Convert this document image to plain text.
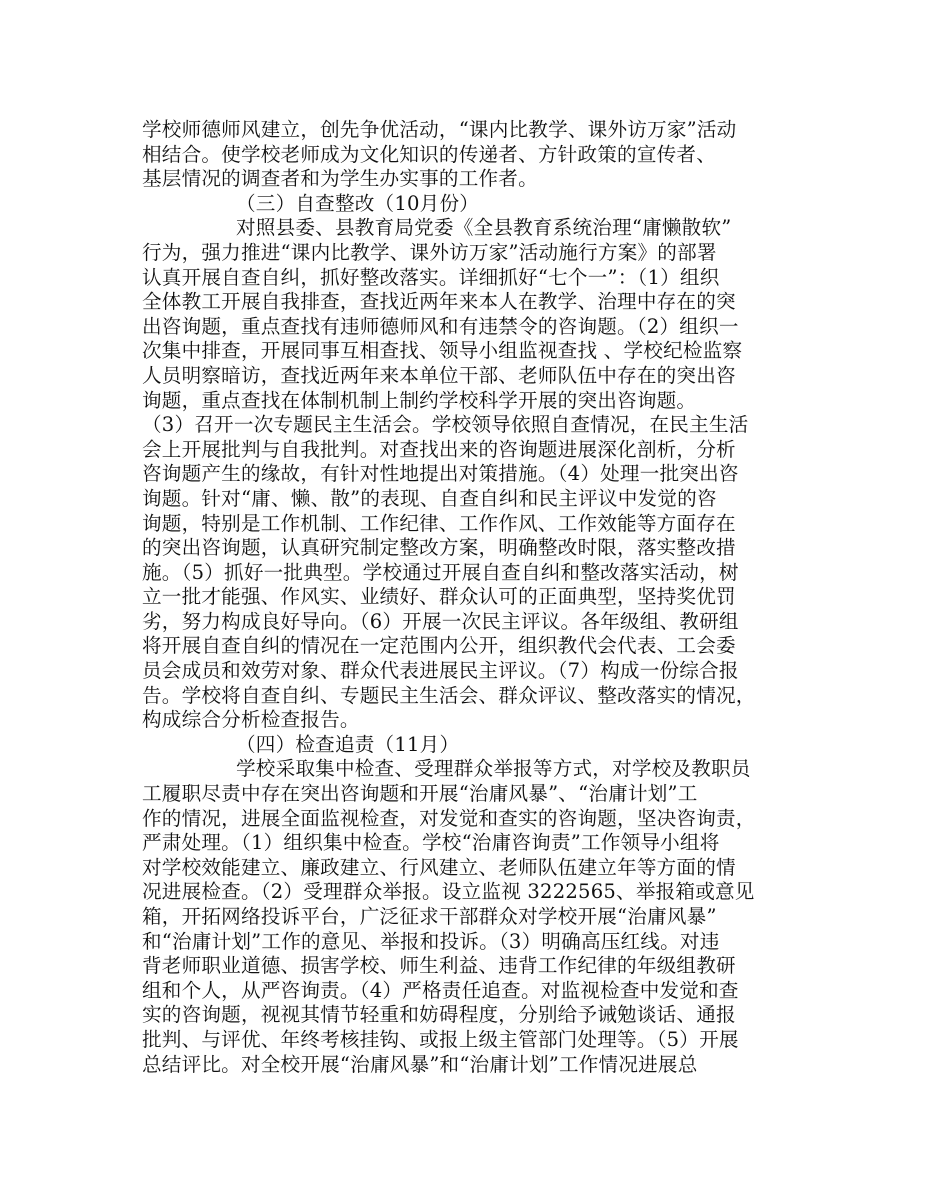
学校师德师风建立，创先争优活动，“课内比教学、课外访万家”活动
相结合。使学校老师成为文化知识的传递者、方针政策的宣传者、
基层情况的调查者和为学生办实事的工作者。
（三）自查整改（10月份）
对照县委、县教育局党委《全县教育系统治理“庸懒散软”
行为，强力推进“课内比教学、课外访万家”活动施行方案》的部署
认真开展自查自纠，抓好整改落实。详细抓好“七个一”：（1）组织
全体教工开展自我排查，查找近两年来本人在教学、治理中存在的突
出咨询题，重点查找有违师德师风和有违禁令的咨询题。（2）组织一
次集中排查，开展同事互相查找、领导小组监视查找 、学校纪检监察
人员明察暗访，查找近两年来本单位干部、老师队伍中存在的突出咨
询题，重点查找在体制机制上制约学校科学开展的突出咨询题。
（3）召开一次专题民主生活会。学校领导依照自查情况，在民主生活
会上开展批判与自我批判。对查找出来的咨询题进展深化剖析，分析
咨询题产生的缘故，有针对性地提出对策措施。（4）处理一批突出咨
询题。针对“庸、懒、散”的表现、自查自纠和民主评议中发觉的咨
询题，特别是工作机制、工作纪律、工作作风、工作效能等方面存在
的突出咨询题，认真研究制定整改方案，明确整改时限，落实整改措
施。（5）抓好一批典型。学校通过开展自查自纠和整改落实活动，树
立一批才能强、作风实、业绩好、群众认可的正面典型，坚持奖优罚
劣，努力构成良好导向。（6）开展一次民主评议。各年级组、教研组
将开展自查自纠的情况在一定范围内公开，组织教代会代表、工会委
员会成员和效劳对象、群众代表进展民主评议。（7）构成一份综合报
告。学校将自查自纠、专题民主生活会、群众评议、整改落实的情况，
构成综合分析检查报告。
（四）检查追责（11月）
学校采取集中检查、受理群众举报等方式，对学校及教职员
工履职尽责中存在突出咨询题和开展“治庸风暴”、“治庸计划”工
作的情况，进展全面监视检查，对发觉和查实的咨询题，坚决咨询责，
严肃处理。（1）组织集中检查。学校“治庸咨询责”工作领导小组将
对学校效能建立、廉政建立、行风建立、老师队伍建立年等方面的情
况进展检查。（2）受理群众举报。设立监视 3222565、举报箱或意见
箱，开拓网络投诉平台，广泛征求干部群众对学校开展“治庸风暴”
和“治庸计划”工作的意见、举报和投诉。（3）明确高压红线。对违
背老师职业道德、损害学校、师生利益、违背工作纪律的年级组教研
组和个人，从严咨询责。（4）严格责任追查。对监视检查中发觉和查
实的咨询题，视视其情节轻重和妨碍程度，分别给予诫勉谈话、通报
批判、与评优、年终考核挂钩、或报上级主管部门处理等。（5）开展
总结评比。对全校开展“治庸风暴”和“治庸计划”工作情况进展总
